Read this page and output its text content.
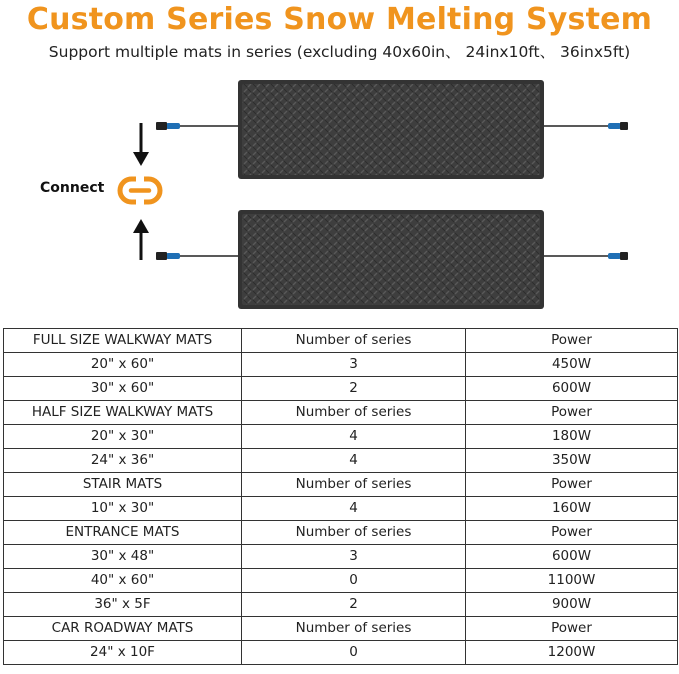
Custom Series Snow Melting System
Support multiple mats in series (excluding 40x60in、 24inx10ft、 36inx5ft)
Connect
FULL SIZE WALKWAY MATS	Number of series	Power
20" x 60"	3	450W
30" x 60"	2	600W
HALF SIZE WALKWAY MATS	Number of series	Power
20" x 30"	4	180W
24" x 36"	4	350W
STAIR MATS	Number of series	Power
10" x 30"	4	160W
ENTRANCE MATS	Number of series	Power
30" x 48"	3	600W
40" x 60"	0	1100W
36" x 5F	2	900W
CAR ROADWAY MATS	Number of series	Power
24" x 10F	0	1200W
